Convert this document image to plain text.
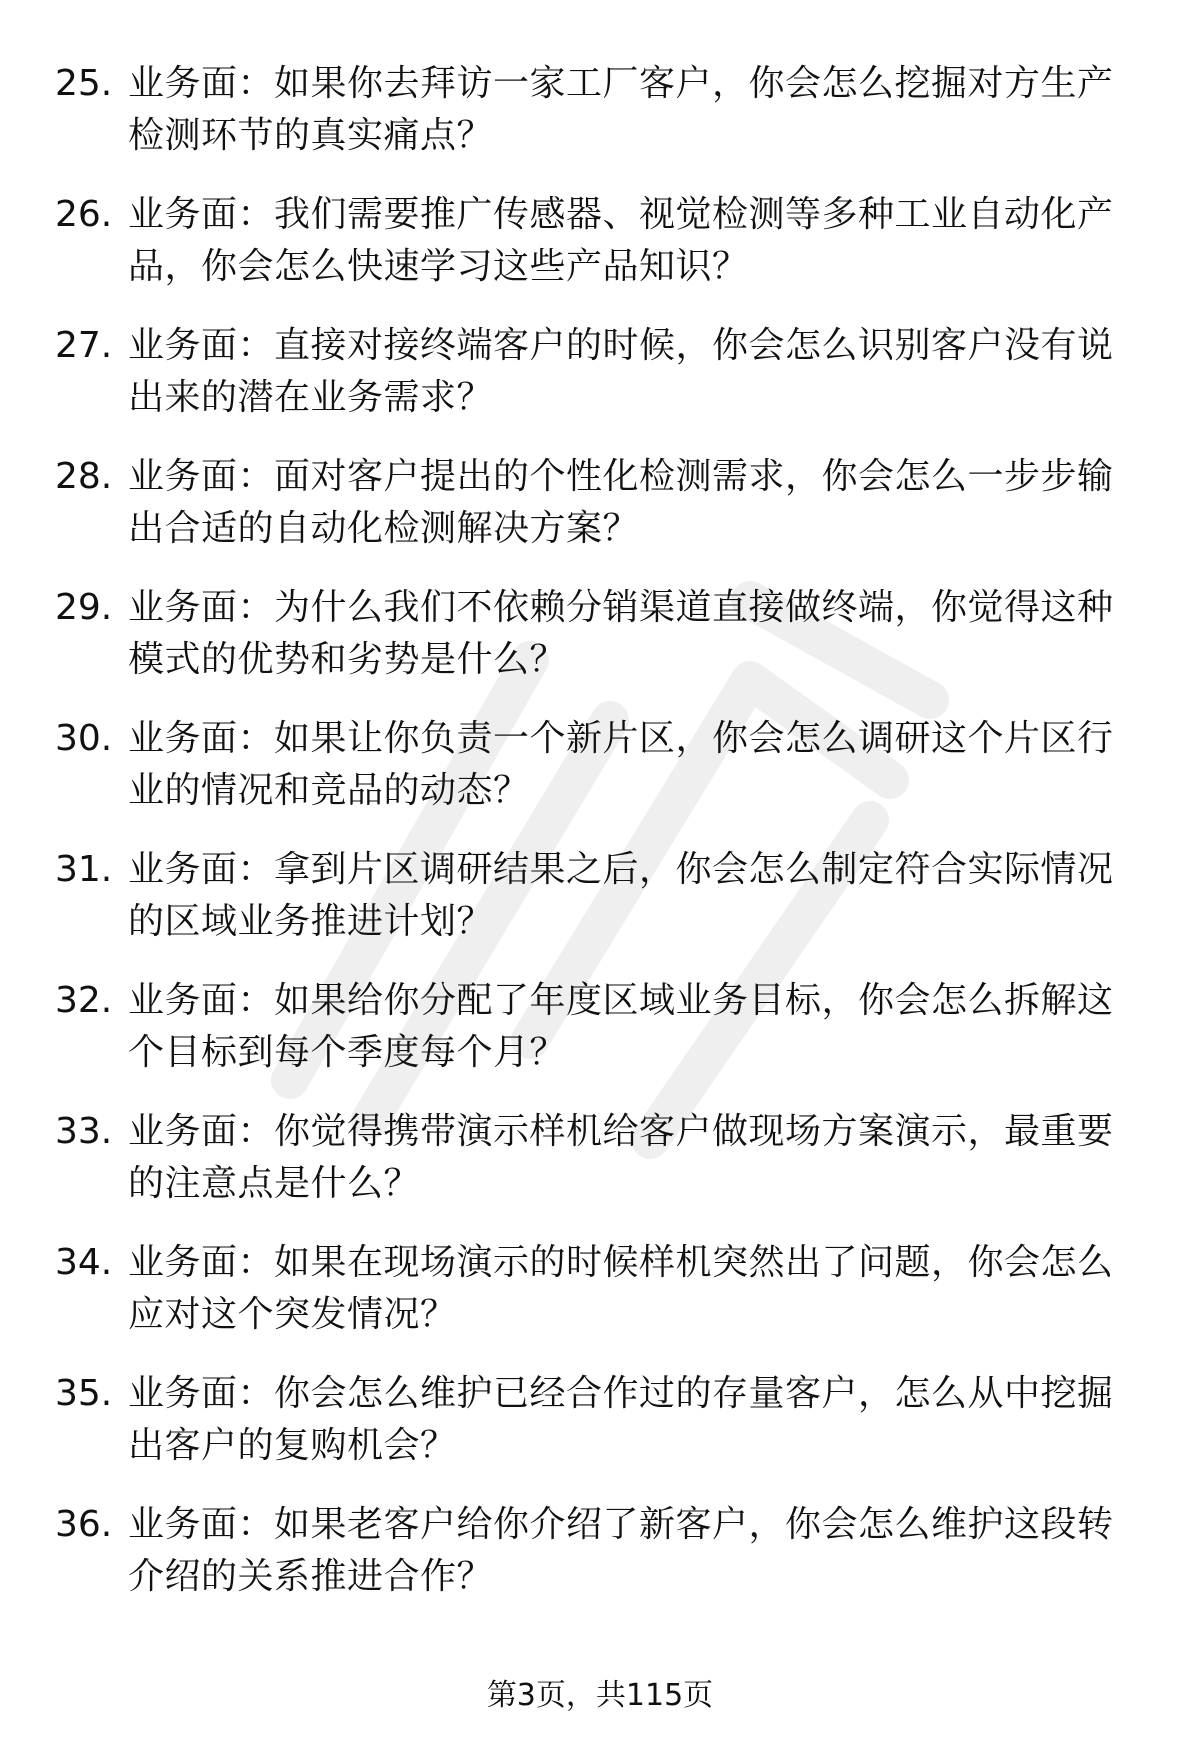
25. 业务面：如果你去拜访一家工厂客户，你会怎么挖掘对方生产检测环节的真实痛点？
26. 业务面：我们需要推广传感器、视觉检测等多种工业自动化产品，你会怎么快速学习这些产品知识？
27. 业务面：直接对接终端客户的时候，你会怎么识别客户没有说出来的潜在业务需求？
28. 业务面：面对客户提出的个性化检测需求，你会怎么一步步输出合适的自动化检测解决方案？
29. 业务面：为什么我们不依赖分销渠道直接做终端，你觉得这种模式的优势和劣势是什么？
30. 业务面：如果让你负责一个新片区，你会怎么调研这个片区行业的情况和竞品的动态？
31. 业务面：拿到片区调研结果之后，你会怎么制定符合实际情况的区域业务推进计划？
32. 业务面：如果给你分配了年度区域业务目标，你会怎么拆解这个目标到每个季度每个月？
33. 业务面：你觉得携带演示样机给客户做现场方案演示，最重要的注意点是什么？
34. 业务面：如果在现场演示的时候样机突然出了问题，你会怎么应对这个突发情况？
35. 业务面：你会怎么维护已经合作过的存量客户，怎么从中挖掘出客户的复购机会？
36. 业务面：如果老客户给你介绍了新客户，你会怎么维护这段转介绍的关系推进合作？
第3页，共115页
